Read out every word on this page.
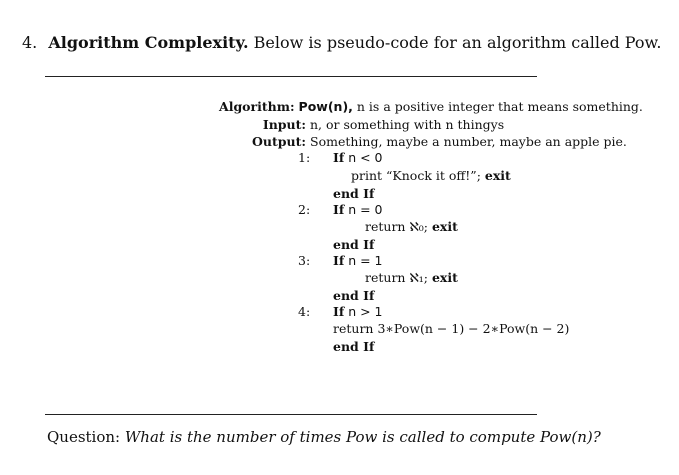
4. Algorithm Complexity. Below is pseudo-code for an algorithm called Pow.
Algorithm: Pow(n), n is a positive integer that means something.
Input: n, or something with n thingys
Output: Something, maybe a number, maybe an apple pie.
1: If n < 0
print “Knock it off!”; exit
end If
2: If n = 0
return ℵ₀; exit
end If
3: If n = 1
return ℵ₁; exit
end If
4: If n > 1
return 3∗Pow(n − 1) − 2∗Pow(n − 2)
end If
Question: What is the number of times Pow is called to compute Pow(n)?
